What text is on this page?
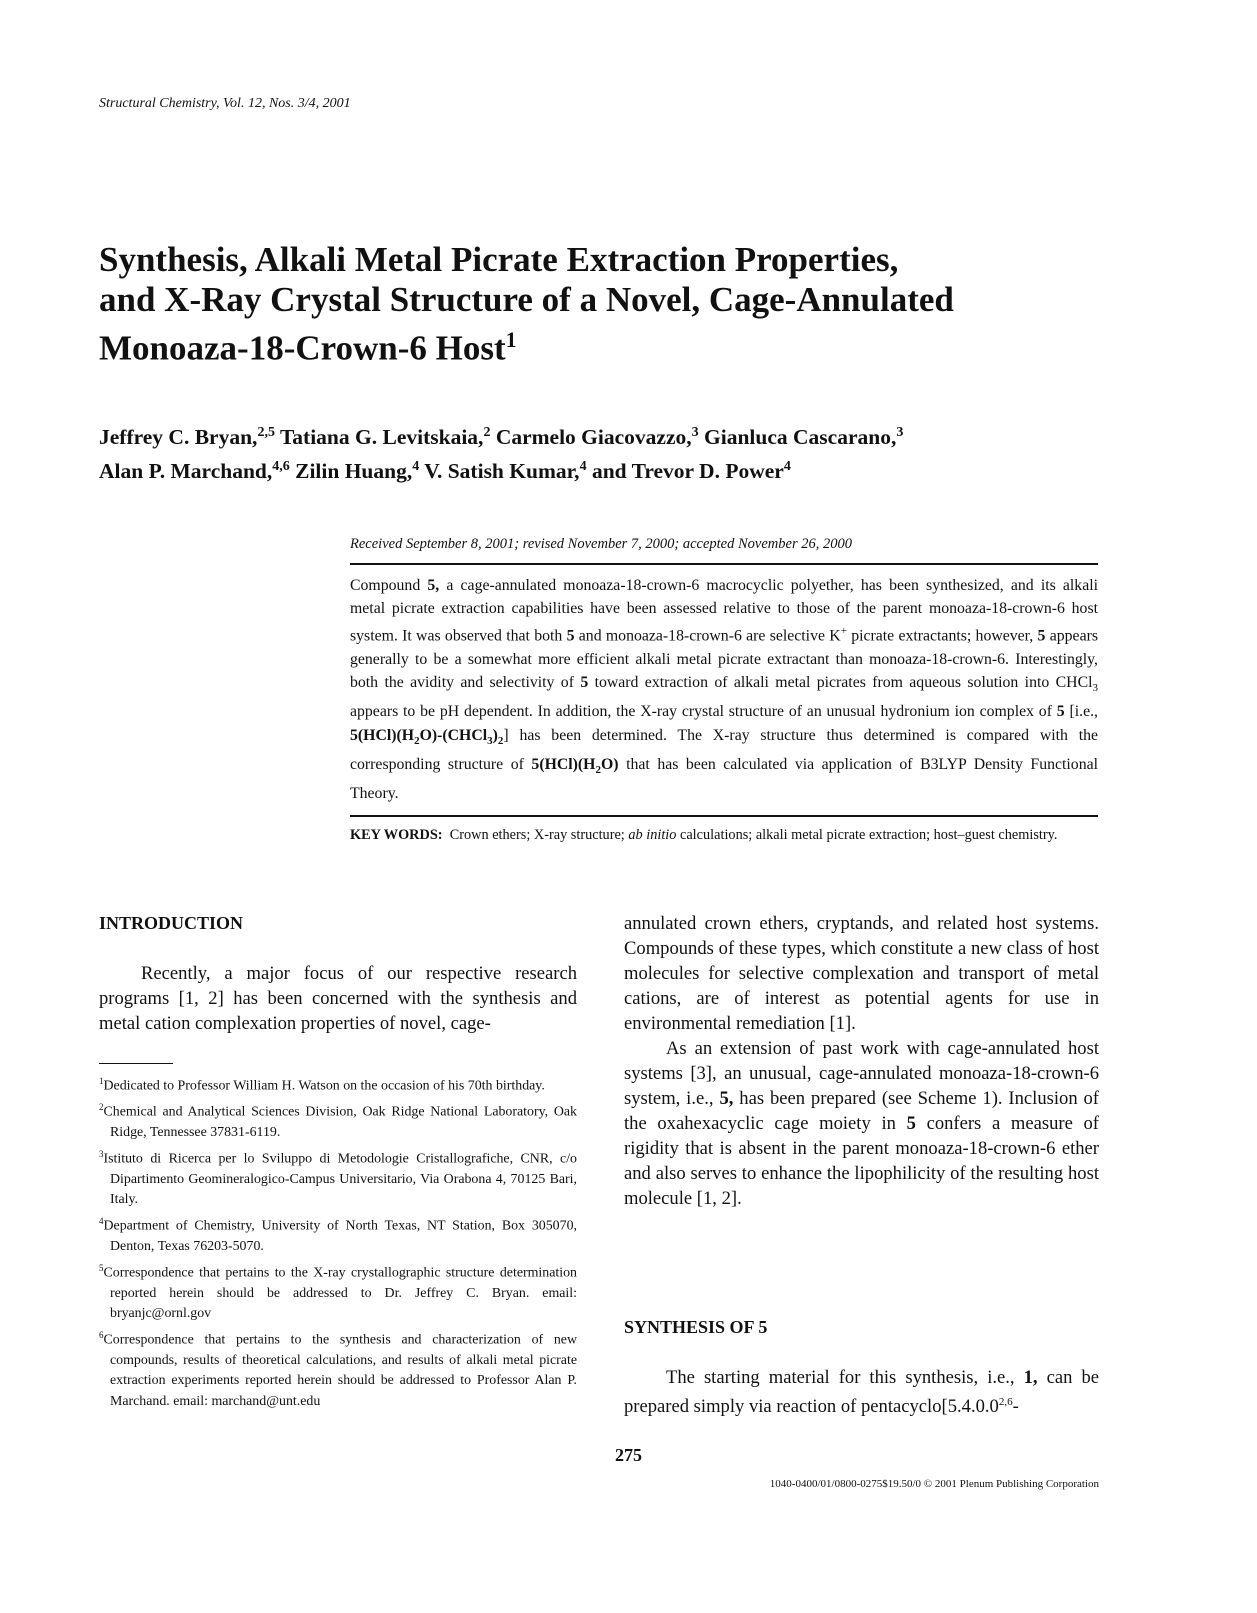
Structural Chemistry, Vol. 12, Nos. 3/4, 2001
Synthesis, Alkali Metal Picrate Extraction Properties,
and X-Ray Crystal Structure of a Novel, Cage-Annulated
Monoaza-18-Crown-6 Host$^1$
Jeffrey C. Bryan,$^{2,5}$ Tatiana G. Levitskaia,$^2$ Carmelo Giacovazzo,$^3$ Gianluca Cascarano,$^3$
Alan P. Marchand,$^{4,6}$ Zilin Huang,$^4$ V. Satish Kumar,$^4$ and Trevor D. Power$^4$
Received September 8, 2001; revised November 7, 2000; accepted November 26, 2000

Compound 5, a cage-annulated monoaza-18-crown-6 macrocyclic polyether, has been synthesized, and its alkali metal picrate extraction capabilities have been assessed relative to those of the parent monoaza-18-crown-6 host system. It was observed that both 5 and monoaza-18-crown-6 are selective K+ picrate extractants; however, 5 appears generally to be a somewhat more efficient alkali metal picrate extractant than monoaza-18-crown-6. Interestingly, both the avidity and selectivity of 5 toward extraction of alkali metal picrates from aqueous solution into CHCl$_3$ appears to be pH dependent. In addition, the X-ray crystal structure of an unusual hydronium ion complex of 5 [i.e., $5(HCl)(H_2O)-(CHCl_3)_2$] has been determined. The X-ray structure thus determined is compared with the corresponding structure of $5(HCl)(H_2O)$ that has been calculated via application of B3LYP Density Functional Theory.

KEY WORDS: Crown ethers; X-ray structure; ab initio calculations; alkali metal picrate extraction; host–guest chemistry.

INTRODUCTION

Recently, a major focus of our respective research programs [1, 2] has been concerned with the synthesis and metal cation complexation properties of novel, cage-

$^1$Dedicated to Professor William H. Watson on the occasion of his 70th birthday.

$^2$Chemical and Analytical Sciences Division, Oak Ridge National Laboratory, Oak Ridge, Tennessee 37831-6119.

$^3$Istituto di Ricerca per lo Sviluppo di Metodologie Cristallografiche, CNR, c/o Dipartimento Geomineralogico-Campus Universitario, Via Orabona 4, 70125 Bari, Italy.

$^4$Department of Chemistry, University of North Texas, NT Station, Box 305070, Denton, Texas 76203-5070.

$^5$Correspondence that pertains to the X-ray crystallographic structure determination reported herein should be addressed to Dr. Jeffrey C. Bryan. email: bryanjc@ornl.gov

$^6$Correspondence that pertains to the synthesis and characterization of new compounds, results of theoretical calculations, and results of alkali metal picrate extraction experiments reported herein should be addressed to Professor Alan P. Marchand. email: marchand@unt.edu

annulated crown ethers, cryptands, and related host systems. Compounds of these types, which constitute a new class of host molecules for selective complexation and transport of metal cations, are of interest as potential agents for use in environmental remediation [1].

As an extension of past work with cage-annulated host systems [3], an unusual, cage-annulated monoaza-18-crown-6 system, i.e., 5, has been prepared (see Scheme 1). Inclusion of the oxahexacyclic cage moiety in 5 confers a measure of rigidity that is absent in the parent monoaza-18-crown-6 ether and also serves to enhance the lipophilicity of the resulting host molecule [1, 2].

SYNTHESIS OF 5

The starting material for this synthesis, i.e., 1, can be prepared simply via reaction of pentacyclo[5.4.0.0$^{2,6}$-

275
1040-0400/01/0800-0275$19.50/0 © 2001 Plenum Publishing Corporation
